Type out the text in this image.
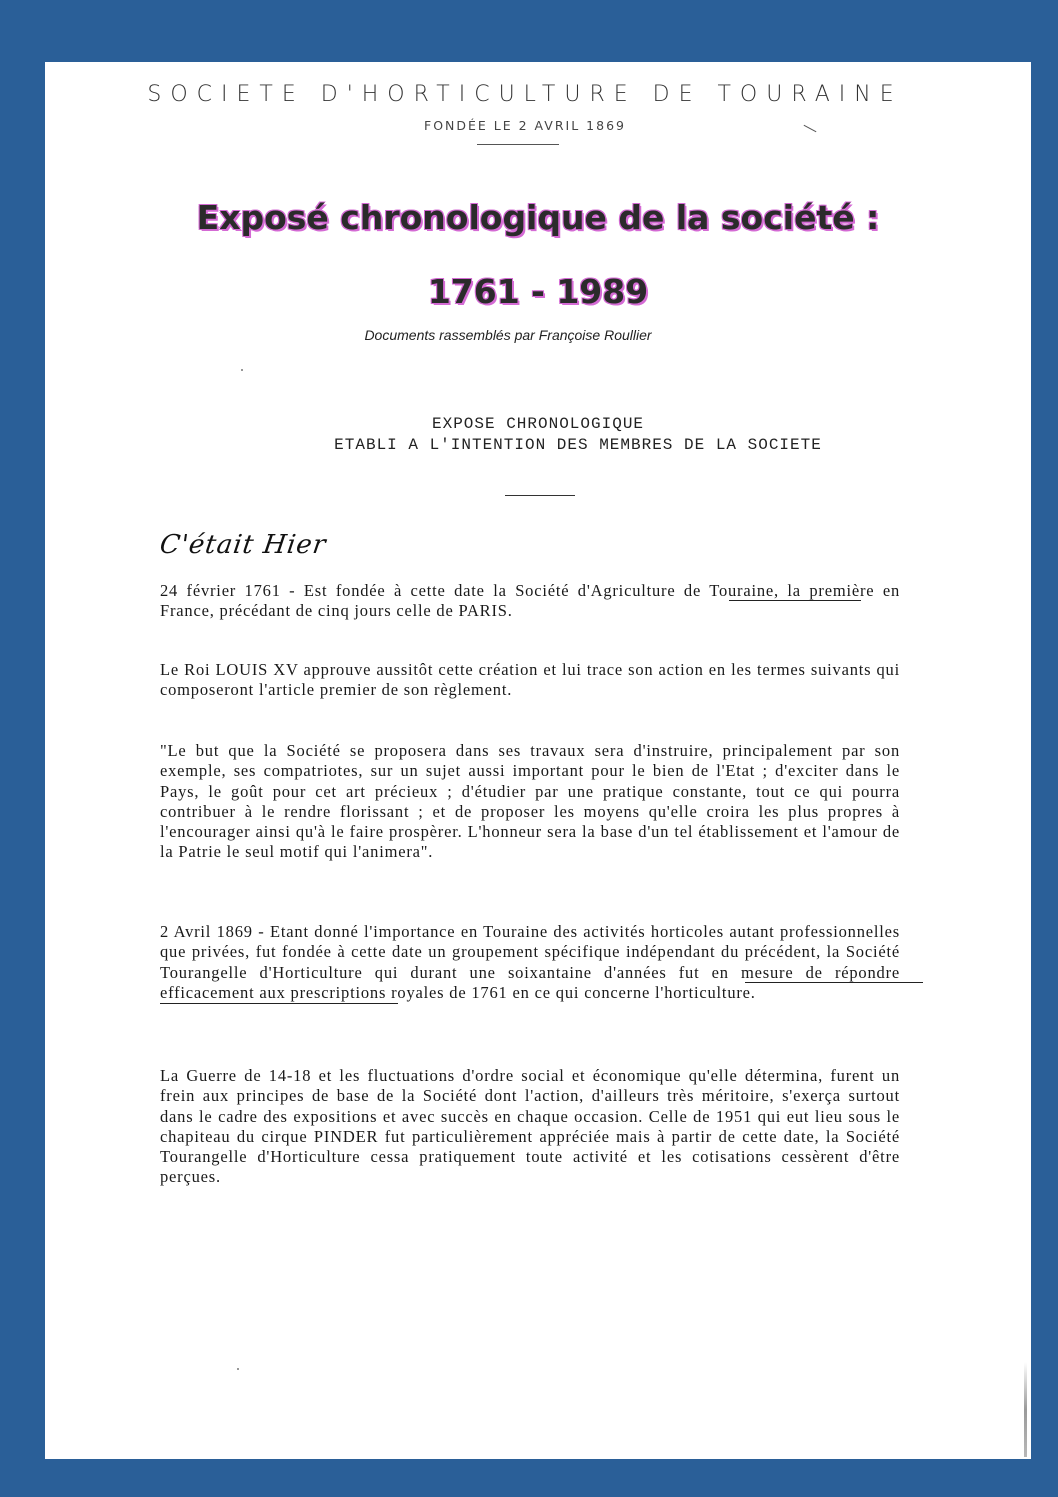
SOCIETE D'HORTICULTURE DE TOURAINE
FONDÉE LE 2 AVRIL 1869
Exposé chronologique de la société :
1761 - 1989
Documents rassemblés par Françoise Roullier
EXPOSE CHRONOLOGIQUE
ETABLI A L'INTENTION DES MEMBRES DE LA SOCIETE
C'était Hier
24 février 1761 - Est fondée à cette date la Société d'Agriculture de Touraine, la première en France, précédant de cinq jours celle de PARIS.
Le Roi LOUIS XV approuve aussitôt cette création et lui trace son action en les termes suivants qui composeront l'article premier de son règlement.
"Le but que la Société se proposera dans ses travaux sera d'instruire, principalement par son exemple, ses compatriotes, sur un sujet aussi important pour le bien de l'Etat ; d'exciter dans le Pays, le goût pour cet art précieux ; d'étudier par une pratique constante, tout ce qui pourra contribuer à le rendre florissant ; et de proposer les moyens qu'elle croira les plus propres à l'encourager ainsi qu'à le faire prospèrer. L'honneur sera la base d'un tel établissement et l'amour de la Patrie le seul motif qui l'animera".
2 Avril 1869 - Etant donné l'importance en Touraine des activités horticoles autant professionnelles que privées, fut fondée à cette date un groupement spécifique indépendant du précédent, la Société Tourangelle d'Horticulture qui durant une soixantaine d'années fut en mesure de répondre efficacement aux prescriptions royales de 1761 en ce qui concerne l'horticulture.
La Guerre de 14-18 et les fluctuations d'ordre social et économique qu'elle détermina, furent un frein aux principes de base de la Société dont l'action, d'ailleurs très méritoire, s'exerça surtout dans le cadre des expositions et avec succès en chaque occasion. Celle de 1951 qui eut lieu sous le chapiteau du cirque PINDER fut particulièrement appréciée mais à partir de cette date, la Société Tourangelle d'Horticulture cessa pratiquement toute activité et les cotisations cessèrent d'être perçues.
